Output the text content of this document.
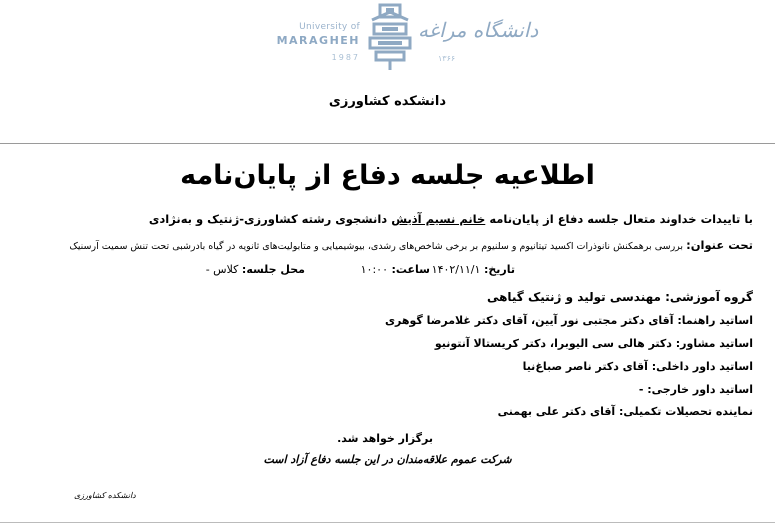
University of
MARAGHEH
1987
دانشگاه مراغه
۱۳۶۶
دانشکده کشاورزی
اطلاعیه جلسه دفاع از پایان‌نامه
با تاییدات خداوند متعال جلسه دفاع از پایان‌نامه خانم نسیم آذیش دانشجوی رشته کشاورزی-ژنتیک و به‌نژادی
تحت عنوان: بررسی برهمکنش نانوذرات اکسید تیتانیوم و سلنیوم بر برخی شاخص‌های رشدی، بیوشیمیایی و متابولیت‌های ثانویه در گیاه بادرشبی تحت تنش سمیت آرسنیک
تاریخ: ۱۴۰۲/۱۱/۱
ساعت: ۱۰:۰۰
محل جلسه: کلاس -
گروه آموزشی: مهندسی تولید و ژنتیک گیاهی
اساتید راهنما: آقای دکتر مجتبی نور آیین، آقای دکتر غلامرضا گوهری
اساتید مشاور: دکتر هالی سی الیوبرا، دکتر کریستالا آنتونیو
اساتید داور داخلی: آقای دکتر ناصر صباغ‌نیا
اساتید داور خارجی: -
نماینده تحصیلات تکمیلی: آقای دکتر علی بهمنی
برگزار خواهد شد.
شرکت عموم علاقه‌مندان در این جلسه دفاع آزاد است
دانشکده کشاورزی
